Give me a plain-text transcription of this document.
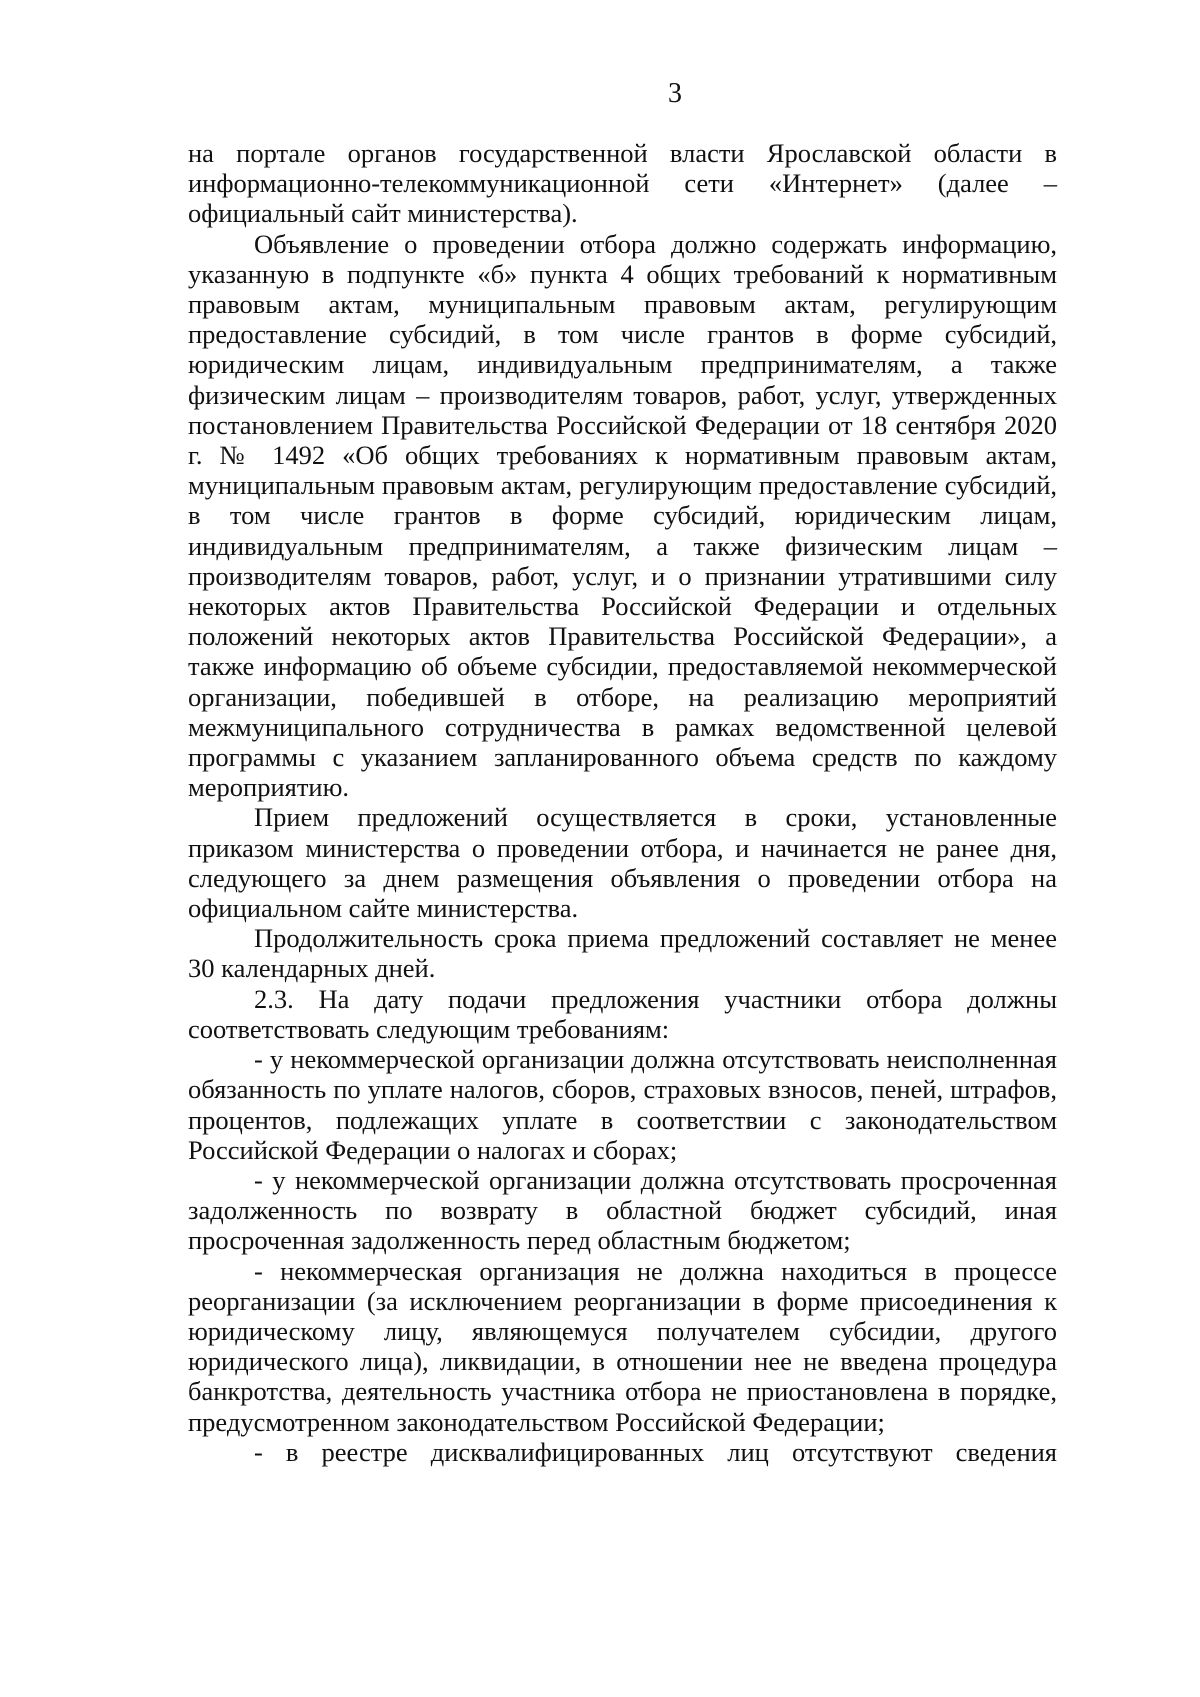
3

на портале органов государственной власти Ярославской области в информационно-телекоммуникационной сети «Интернет» (далее – официальный сайт министерства).

Объявление о проведении отбора должно содержать информацию, указанную в подпункте «б» пункта 4 общих требований к нормативным правовым актам, муниципальным правовым актам, регулирующим предоставление субсидий, в том числе грантов в форме субсидий, юридическим лицам, индивидуальным предпринимателям, а также физическим лицам – производителям товаров, работ, услуг, утвержденных постановлением Правительства Российской Федерации от 18 сентября 2020 г. № 1492 «Об общих требованиях к нормативным правовым актам, муниципальным правовым актам, регулирующим предоставление субсидий, в том числе грантов в форме субсидий, юридическим лицам, индивидуальным предпринимателям, а также физическим лицам – производителям товаров, работ, услуг, и о признании утратившими силу некоторых актов Правительства Российской Федерации и отдельных положений некоторых актов Правительства Российской Федерации», а также информацию об объеме субсидии, предоставляемой некоммерческой организации, победившей в отборе, на реализацию мероприятий межмуниципального сотрудничества в рамках ведомственной целевой программы с указанием запланированного объема средств по каждому мероприятию.

Прием предложений осуществляется в сроки, установленные приказом министерства о проведении отбора, и начинается не ранее дня, следующего за днем размещения объявления о проведении отбора на официальном сайте министерства.

Продолжительность срока приема предложений составляет не менее 30 календарных дней.

2.3. На дату подачи предложения участники отбора должны соответствовать следующим требованиям:

- у некоммерческой организации должна отсутствовать неисполненная обязанность по уплате налогов, сборов, страховых взносов, пеней, штрафов, процентов, подлежащих уплате в соответствии с законодательством Российской Федерации о налогах и сборах;

- у некоммерческой организации должна отсутствовать просроченная задолженность по возврату в областной бюджет субсидий, иная просроченная задолженность перед областным бюджетом;

- некоммерческая организация не должна находиться в процессе реорганизации (за исключением реорганизации в форме присоединения к юридическому лицу, являющемуся получателем субсидии, другого юридического лица), ликвидации, в отношении нее не введена процедура банкротства, деятельность участника отбора не приостановлена в порядке, предусмотренном законодательством Российской Федерации;

- в реестре дисквалифицированных лиц отсутствуют сведения
